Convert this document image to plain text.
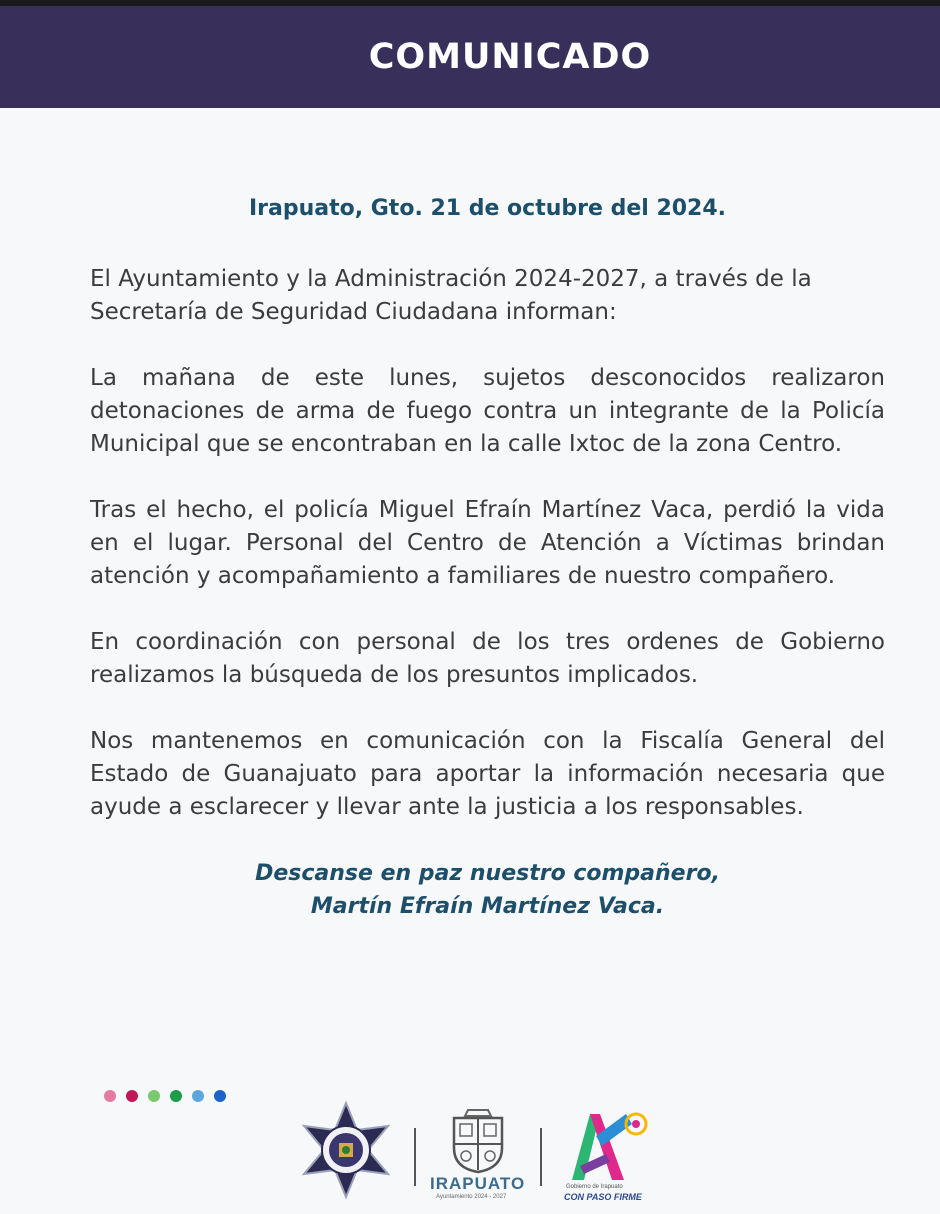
COMUNICADO

Irapuato, Gto. 21 de octubre del 2024.

El Ayuntamiento y la Administración 2024-2027, a través de la Secretaría de Seguridad Ciudadana informan:

La mañana de este lunes, sujetos desconocidos realizaron detonaciones de arma de fuego contra un integrante de la Policía Municipal que se encontraban en la calle Ixtoc de la zona Centro.

Tras el hecho, el policía Miguel Efraín Martínez Vaca, perdió la vida en el lugar. Personal del Centro de Atención a Víctimas brindan atención y acompañamiento a familiares de nuestro compañero.

En coordinación con personal de los tres ordenes de Gobierno realizamos la búsqueda de los presuntos implicados.

Nos mantenemos en comunicación con la Fiscalía General del Estado de Guanajuato para aportar la información necesaria que ayude a esclarecer y llevar ante la justicia a los responsables.

Descanse en paz nuestro compañero,
Martín Efraín Martínez Vaca.
IRAPUATO
Ayuntamiento 2024 - 2027
Gobierno de Irapuato
CON PASO FIRME
